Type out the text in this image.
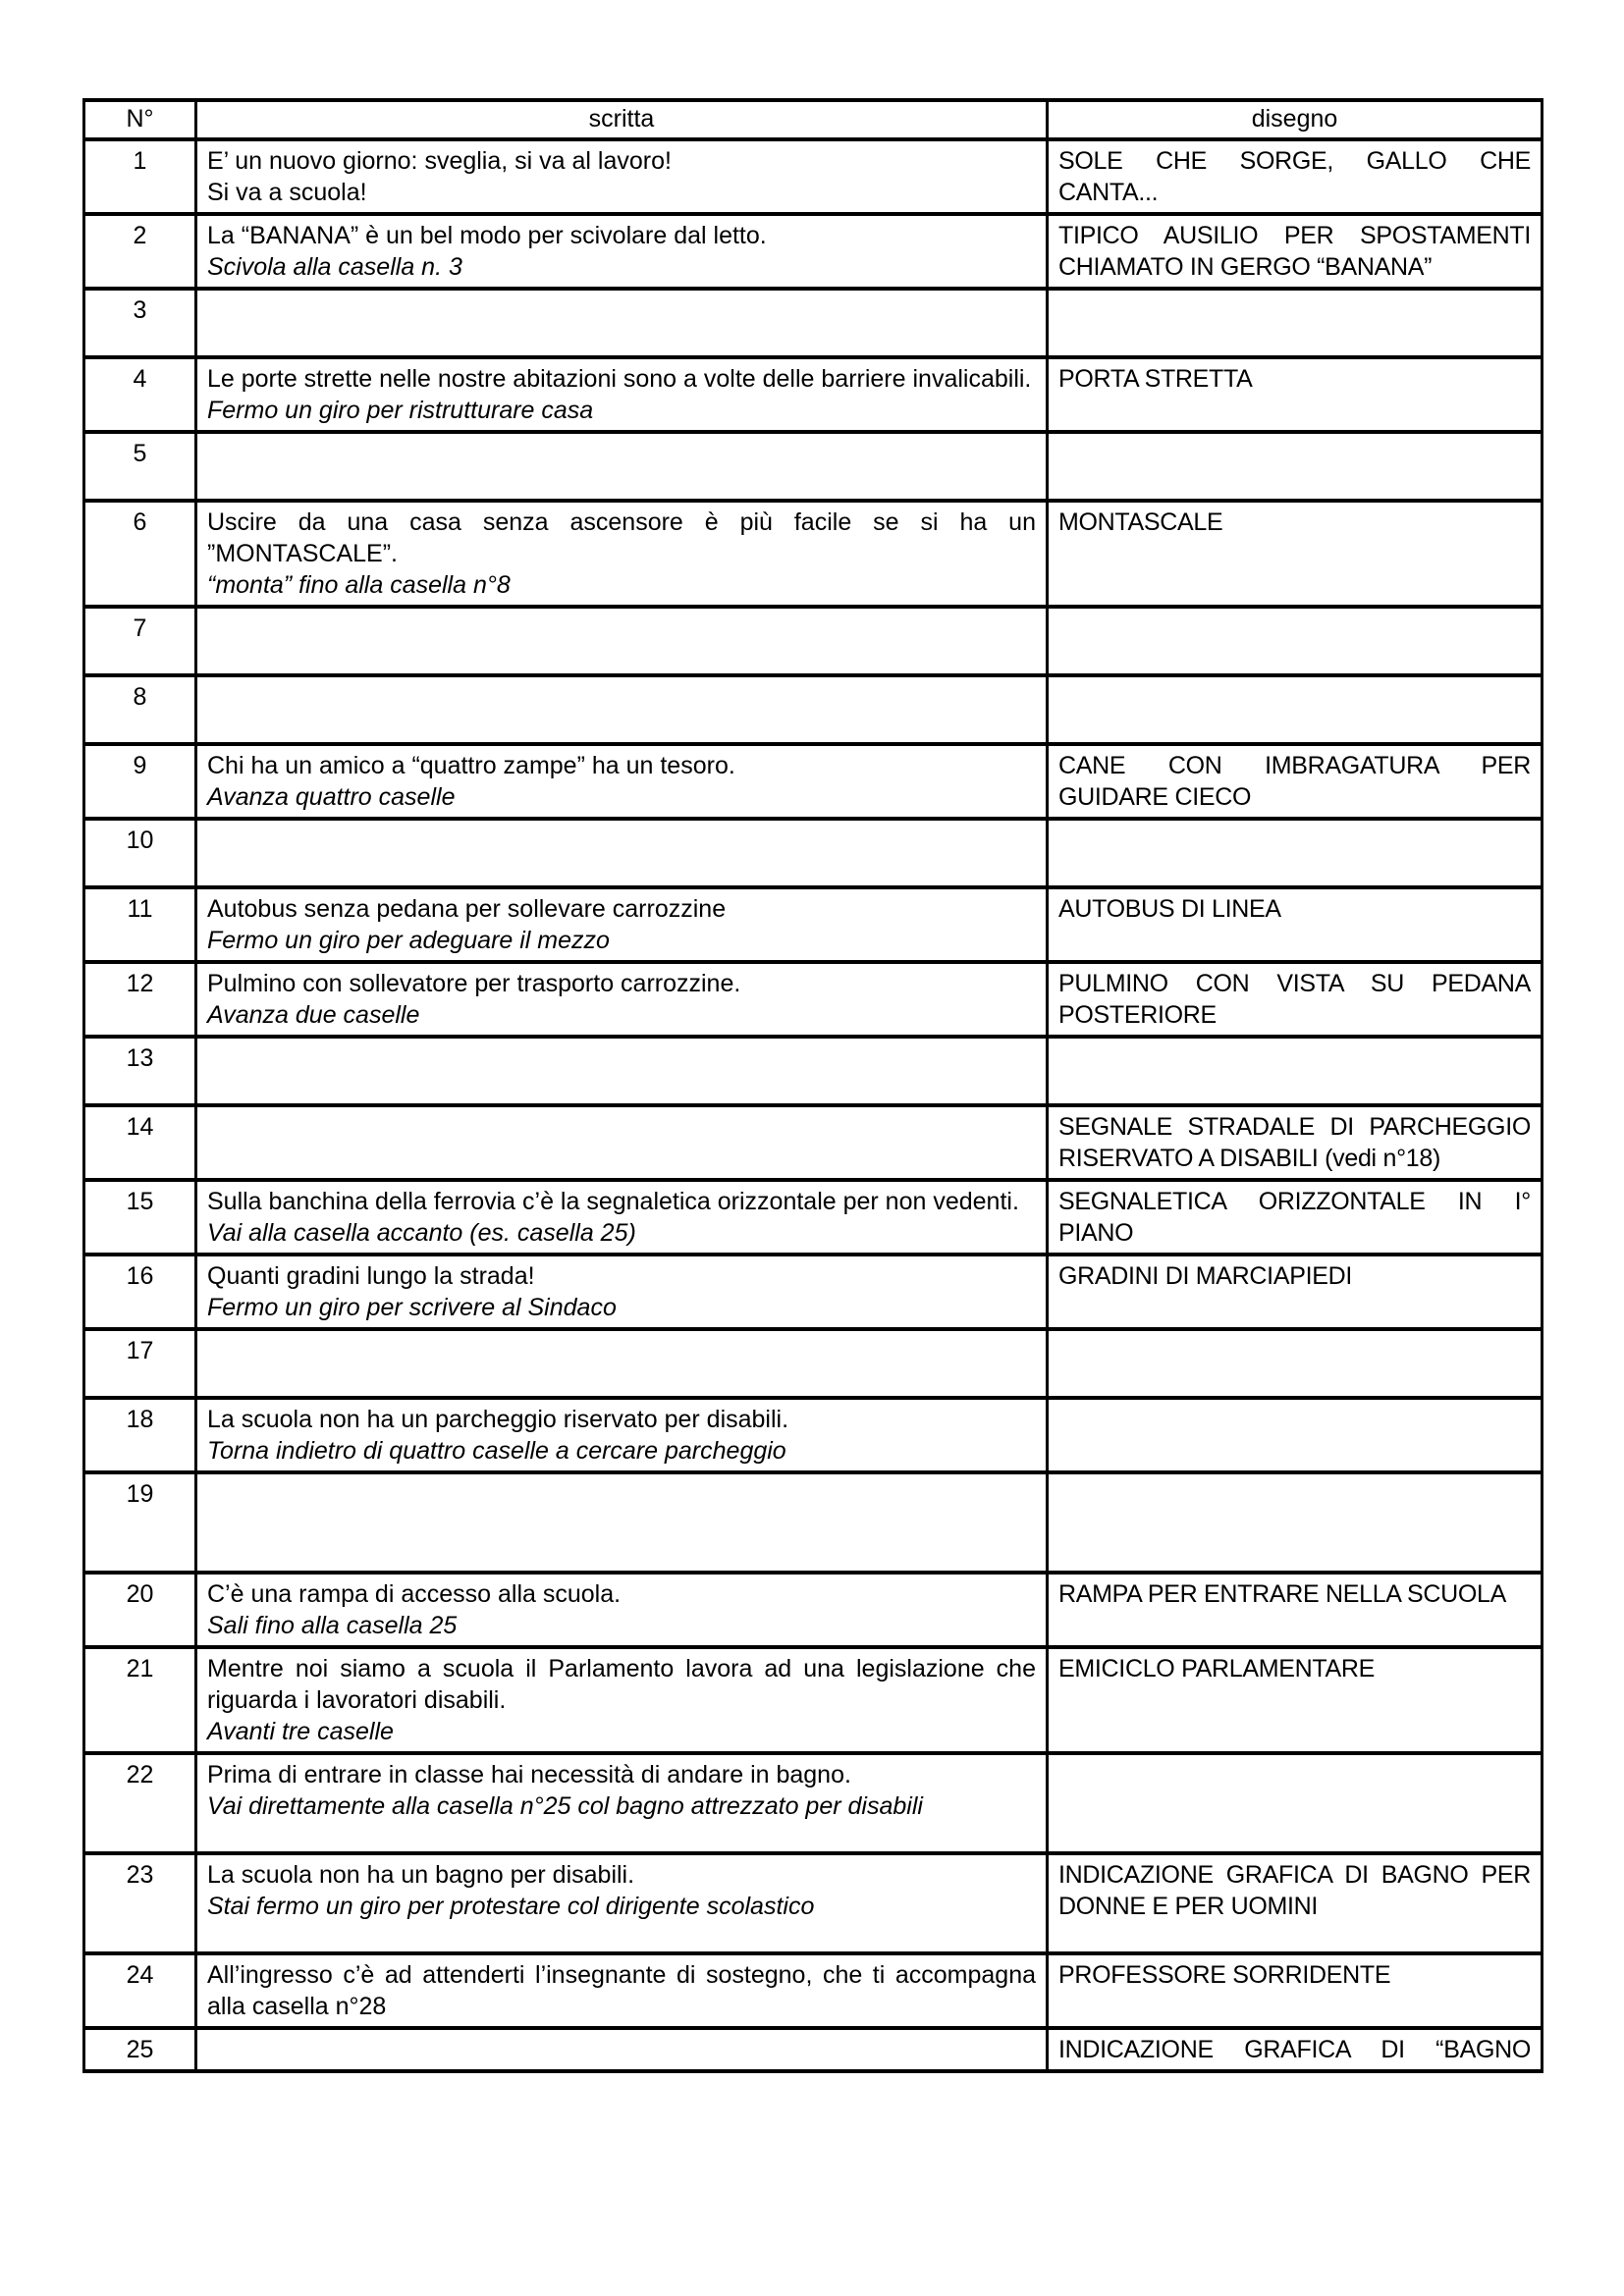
N°	scritta	disegno
1	E’ un nuovo giorno: sveglia, si va al lavoro!
Si va a scuola!	SOLE CHE SORGE, GALLO CHE CANTA...

2	La “BANANA” è un bel modo per scivolare dal letto.
Scivola alla casella n. 3	TIPICO AUSILIO PER SPOSTAMENTI CHIAMATO IN GERGO “BANANA”

3		
4	Le porte strette nelle nostre abitazioni sono a volte delle barriere invalicabili.
Fermo un giro per ristrutturare casa	PORTA STRETTA

5		
6	Uscire da una casa senza ascensore è più facile se si ha un ”MONTASCALE”.
“monta” fino alla casella n°8	MONTASCALE

7		
8		
9	Chi ha un amico a “quattro zampe” ha un tesoro.
Avanza quattro caselle	CANE CON IMBRAGATURA PER GUIDARE CIECO

10		
11	Autobus senza pedana per sollevare carrozzine
Fermo un giro per adeguare il mezzo	AUTOBUS DI LINEA

12	Pulmino con sollevatore per trasporto carrozzine.
Avanza due caselle	PULMINO CON VISTA SU PEDANA POSTERIORE

13		
14		SEGNALE STRADALE DI PARCHEGGIO RISERVATO A DISABILI (vedi n°18)

15	Sulla banchina della ferrovia c’è la segnaletica orizzontale per non vedenti.
Vai alla casella accanto (es. casella 25)	SEGNALETICA ORIZZONTALE IN I° PIANO

16	Quanti gradini lungo la strada!
Fermo un giro per scrivere al Sindaco	GRADINI DI MARCIAPIEDI

17		
18	La scuola non ha un parcheggio riservato per disabili.
Torna indietro di quattro caselle a cercare parcheggio	

19		
20	C’è una rampa di accesso alla scuola.
Sali fino alla casella 25	RAMPA PER ENTRARE NELLA SCUOLA

21	Mentre noi siamo a scuola il Parlamento lavora ad una legislazione che riguarda i lavoratori disabili.
Avanti tre caselle	EMICICLO PARLAMENTARE

22	Prima di entrare in classe hai necessità di andare in bagno.
Vai direttamente alla casella n°25 col bagno attrezzato per disabili	

23	La scuola non ha un bagno per disabili.
Stai fermo un giro per protestare col dirigente scolastico	INDICAZIONE GRAFICA DI BAGNO PER DONNE E PER UOMINI

24	All’ingresso c’è ad attenderti l’insegnante di sostegno, che ti accompagna alla casella n°28	PROFESSORE SORRIDENTE

25		INDICAZIONE GRAFICA DI “BAGNO
